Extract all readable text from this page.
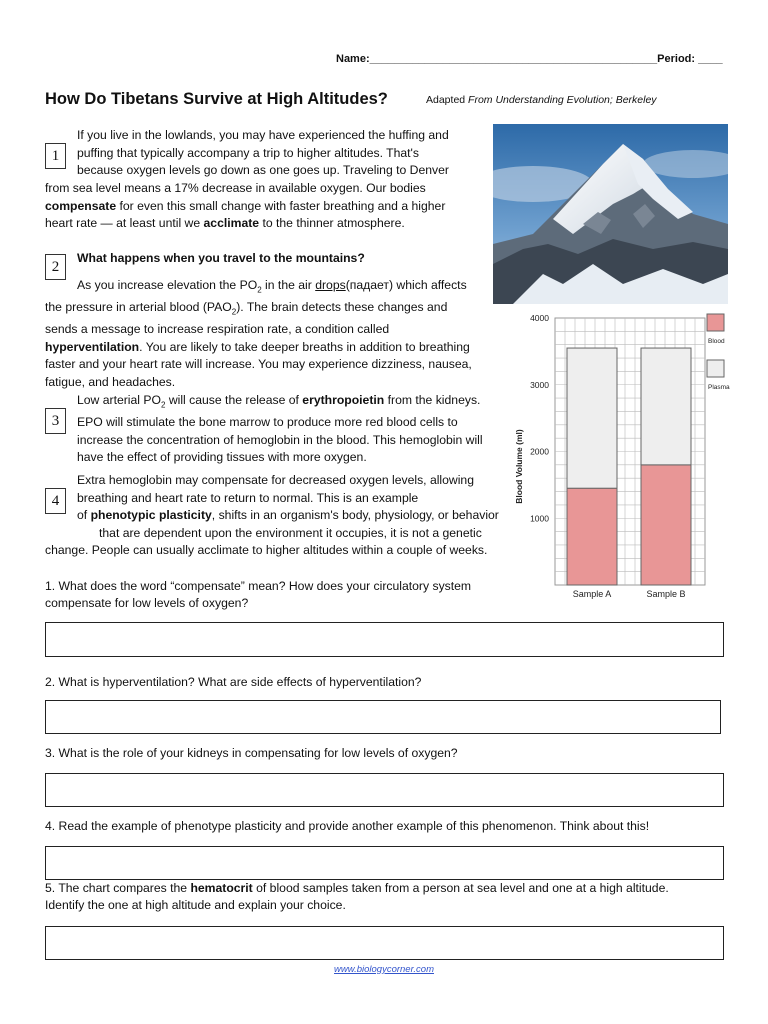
Name:_______________________________________________Period: ____
How Do Tibetans Survive at High Altitudes?	Adapted From Understanding Evolution; Berkeley
1

If you live in the lowlands, you may have experienced the huffing and

puffing that typically accompany a trip to higher altitudes. That's

because oxygen levels go down as one goes up. Traveling to Denver

from sea level means a 17% decrease in available oxygen. Our bodies

compensate for even this small change with faster breathing and a higher

heart rate — at least until we acclimate to the thinner atmosphere.

2
What happens when you travel to the mountains?

As you increase elevation the $PO_2$ in the air drops(падает) which affects

the pressure in arterial blood $(PAO_2)$. The brain detects these changes and

sends a message to increase respiration rate, a condition called

hyperventilation. You are likely to take deeper breaths in addition to breathing

faster and your heart rate will increase. You may experience dizziness, nausea,

fatigue, and headaches.

3

Low arterial $PO_2$ will cause the release of erythropoietin from the kidneys.

EPO will stimulate the bone marrow to produce more red blood cells to

increase the concentration of hemoglobin in the blood. This hemoglobin will

have the effect of providing tissues with more oxygen.

4

Extra hemoglobin may compensate for decreased oxygen levels, allowing

breathing and heart rate to return to normal. This is an example

of phenotypic plasticity, shifts in an organism's body, physiology, or behavior

that are dependent upon the environment it occupies, it is not a genetic

change. People can usually acclimate to higher altitudes within a couple of weeks.

Sample A	Sample B
1000
2000
3000
4000
Blood Volume (ml)
Blood
Plasma
1. What does the word “compensate” mean? How does your circulatory system
compensate for low levels of oxygen?
2. What is hyperventilation? What are side effects of hyperventilation?
3. What is the role of your kidneys in compensating for low levels of oxygen?
4. Read the example of phenotype plasticity and provide another example of this phenomenon. Think about this!
5. The chart compares the hematocrit of blood samples taken from a person at sea level and one at a high altitude.
Identify the one at high altitude and explain your choice.
www.biologycorner.com
